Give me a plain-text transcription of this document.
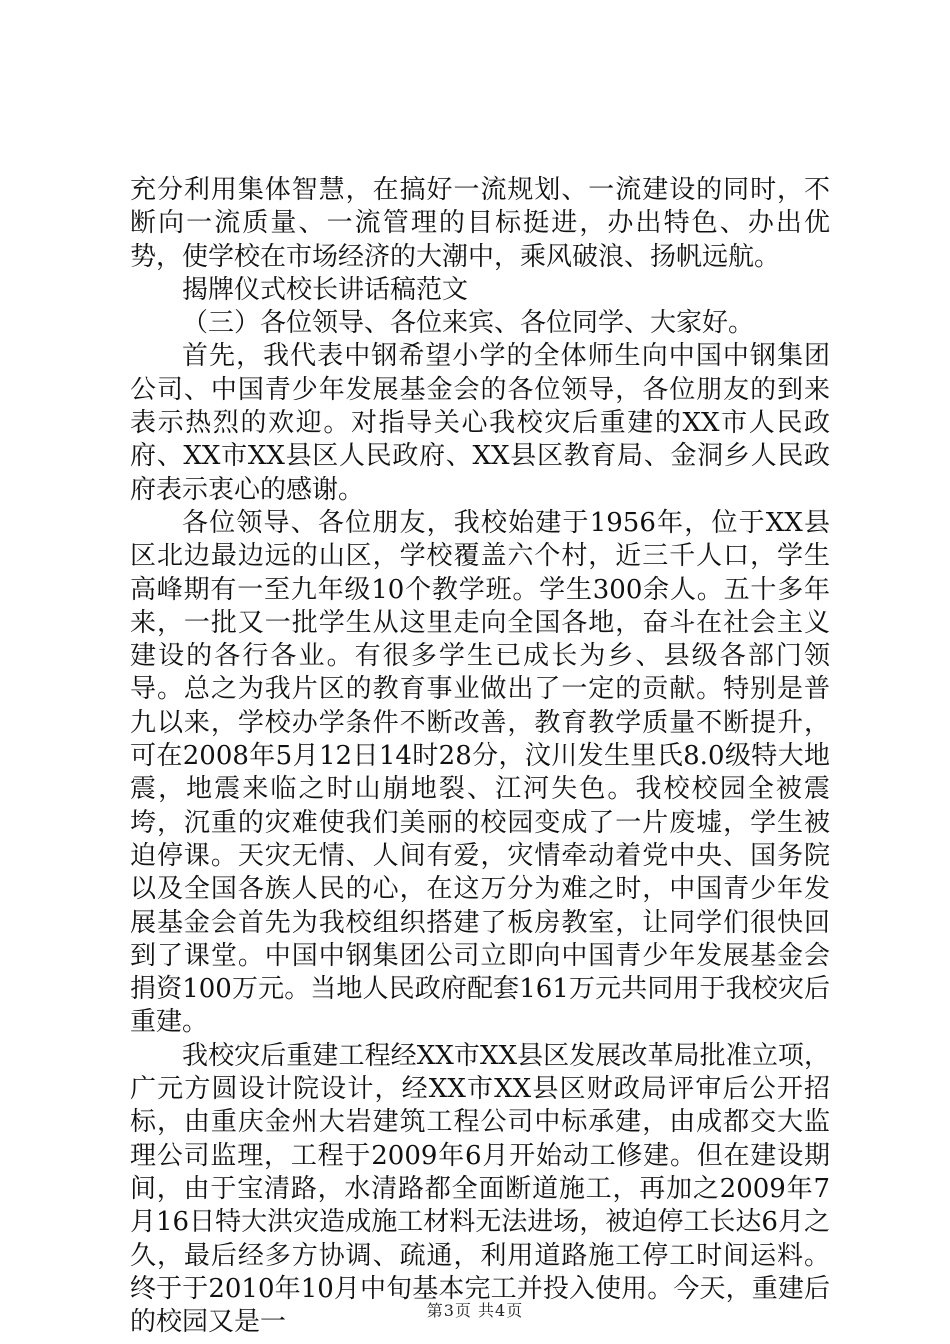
充分利用集体智慧，在搞好一流规划、一流建设的同时，不断向一流质量、一流管理的目标挺进，办出特色、办出优势，使学校在市场经济的大潮中，乘风破浪、扬帆远航。

揭牌仪式校长讲话稿范文

（三）各位领导、各位来宾、各位同学、大家好。

首先，我代表中钢希望小学的全体师生向中国中钢集团公司、中国青少年发展基金会的各位领导，各位朋友的到来表示热烈的欢迎。对指导关心我校灾后重建的XX市人民政府、XX市XX县区人民政府、XX县区教育局、金洞乡人民政府表示衷心的感谢。

各位领导、各位朋友，我校始建于1956年，位于XX县区北边最边远的山区，学校覆盖六个村，近三千人口，学生高峰期有一至九年级10个教学班。学生300余人。五十多年来，一批又一批学生从这里走向全国各地，奋斗在社会主义建设的各行各业。有很多学生已成长为乡、县级各部门领导。总之为我片区的教育事业做出了一定的贡献。特别是普九以来，学校办学条件不断改善，教育教学质量不断提升，可在2008年5月12日14时28分，汶川发生里氏8.0级特大地震，地震来临之时山崩地裂、江河失色。我校校园全被震垮，沉重的灾难使我们美丽的校园变成了一片废墟，学生被迫停课。天灾无情、人间有爱，灾情牵动着党中央、国务院以及全国各族人民的心，在这万分为难之时，中国青少年发展基金会首先为我校组织搭建了板房教室，让同学们很快回到了课堂。中国中钢集团公司立即向中国青少年发展基金会捐资100万元。当地人民政府配套161万元共同用于我校灾后重建。

我校灾后重建工程经XX市XX县区发展改革局批准立项，广元方圆设计院设计，经XX市XX县区财政局评审后公开招标，由重庆金州大岩建筑工程公司中标承建，由成都交大监理公司监理，工程于2009年6月开始动工修建。但在建设期间，由于宝清路，水清路都全面断道施工，再加之2009年7月16日特大洪灾造成施工材料无法进场，被迫停工长达6月之久，最后经多方协调、疏通，利用道路施工停工时间运料。终于于2010年10月中旬基本完工并投入使用。今天，重建后的校园又是一	第3页 共4页
